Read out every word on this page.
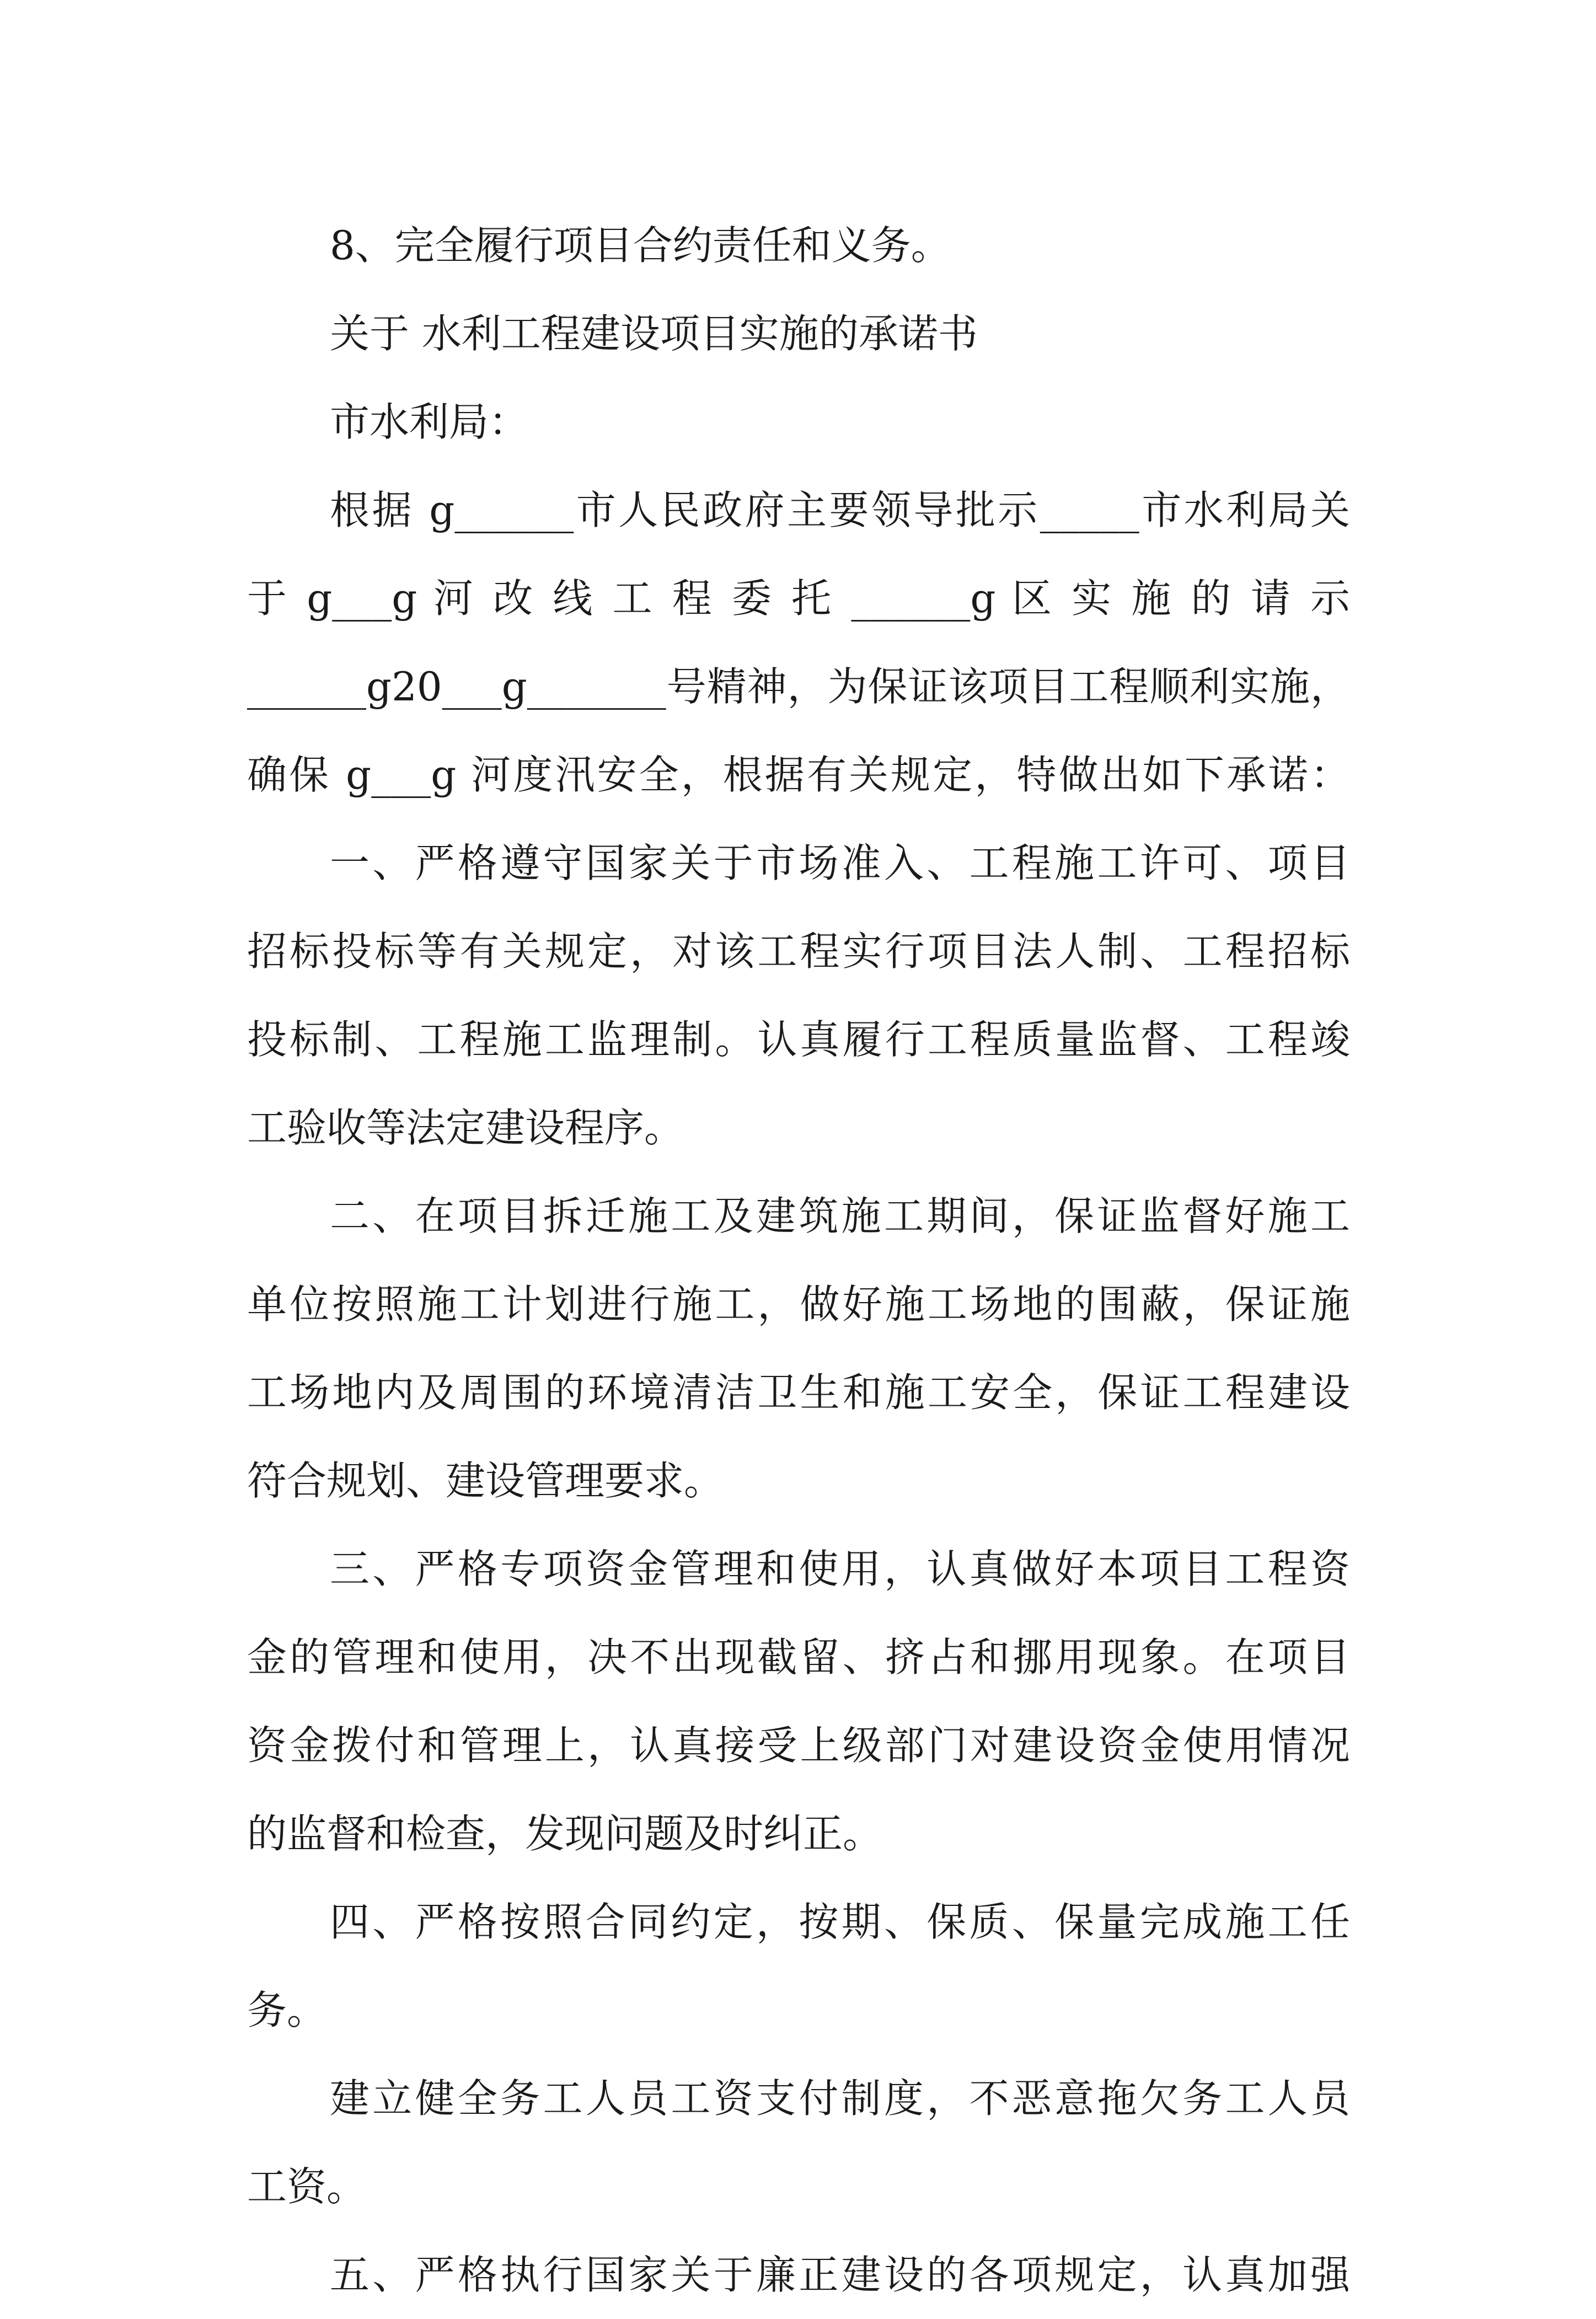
8、完全履行项目合约责任和义务。
关于 水利工程建设项目实施的承诺书
市水利局：
根据 g______市人民政府主要领导批示_____市水利局关
于 g___g 河 改 线 工 程 委 托 ______g 区 实 施 的 请 示
______g20___g_______号精神，为保证该项目工程顺利实施，
确保 g___g 河度汛安全，根据有关规定，特做出如下承诺：
一、严格遵守国家关于市场准入、工程施工许可、项目
招标投标等有关规定，对该工程实行项目法人制、工程招标
投标制、工程施工监理制。认真履行工程质量监督、工程竣
工验收等法定建设程序。
二、在项目拆迁施工及建筑施工期间，保证监督好施工
单位按照施工计划进行施工，做好施工场地的围蔽，保证施
工场地内及周围的环境清洁卫生和施工安全，保证工程建设
符合规划、建设管理要求。
三、严格专项资金管理和使用，认真做好本项目工程资
金的管理和使用，决不出现截留、挤占和挪用现象。在项目
资金拨付和管理上，认真接受上级部门对建设资金使用情况
的监督和检查，发现问题及时纠正。
四、严格按照合同约定，按期、保质、保量完成施工任
务。
建立健全务工人员工资支付制度，不恶意拖欠务工人员
工资。
五、严格执行国家关于廉正建设的各项规定，认真加强
